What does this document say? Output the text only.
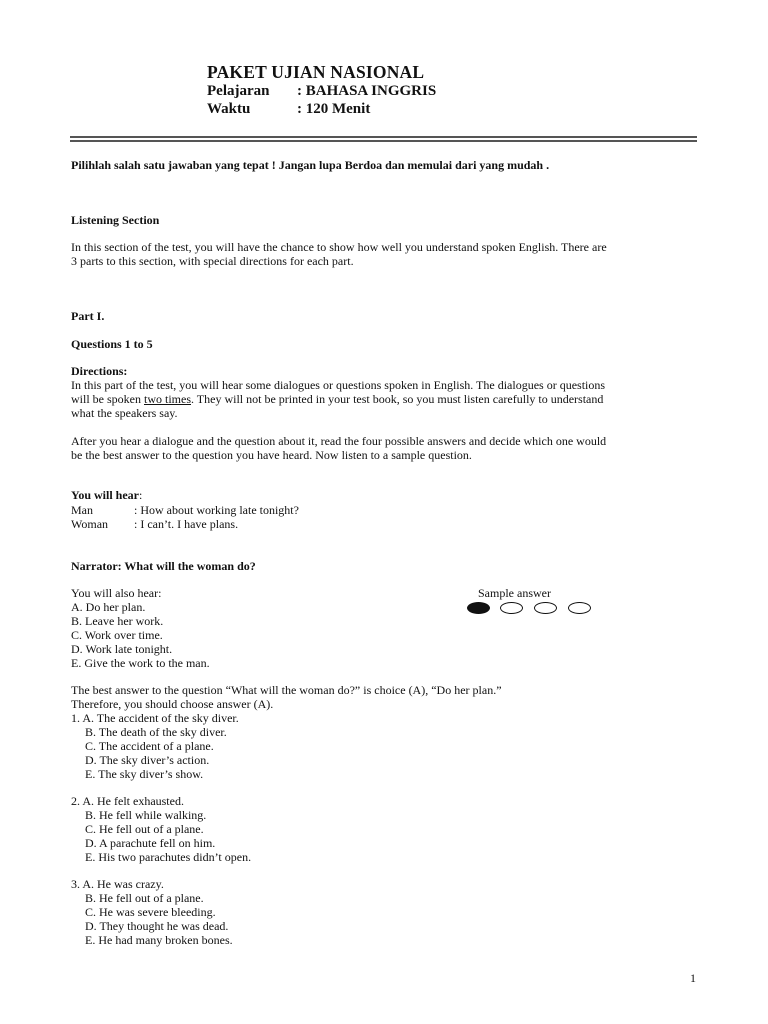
PAKET UJIAN NASIONAL
Pelajaran : BAHASA INGGRIS
Waktu	: 120 Menit
Pilihlah salah satu jawaban yang tepat ! Jangan lupa Berdoa dan memulai dari yang mudah .
Listening Section
In this section of the test, you will have the chance to show how well you understand spoken English. There are
3 parts to this section, with special directions for each part.
Part I.
Questions 1 to 5
Directions:
In this part of the test, you will hear some dialogues or questions spoken in English. The dialogues or questions
will be spoken two times. They will not be printed in your test book, so you must listen carefully to understand
what the speakers say.
After you hear a dialogue and the question about it, read the four possible answers and decide which one would
be the best answer to the question you have heard. Now listen to a sample question.
You will hear:
Man	: How about working late tonight?
Woman : I can’t. I have plans.
Narrator: What will the woman do?
You will also hear:
A. Do her plan.
B. Leave her work.
C. Work over time.
D. Work late tonight.
E. Give the work to the man.
Sample answer
The best answer to the question “What will the woman do?” is choice (A), “Do her plan.”
Therefore, you should choose answer (A).
1. A. The accident of the sky diver.
B. The death of the sky diver.
C. The accident of a plane.
D. The sky diver’s action.
E. The sky diver’s show.
2. A. He felt exhausted.
B. He fell while walking.
C. He fell out of a plane.
D. A parachute fell on him.
E. His two parachutes didn’t open.
3. A. He was crazy.
B. He fell out of a plane.
C. He was severe bleeding.
D. They thought he was dead.
E. He had many broken bones.
1
